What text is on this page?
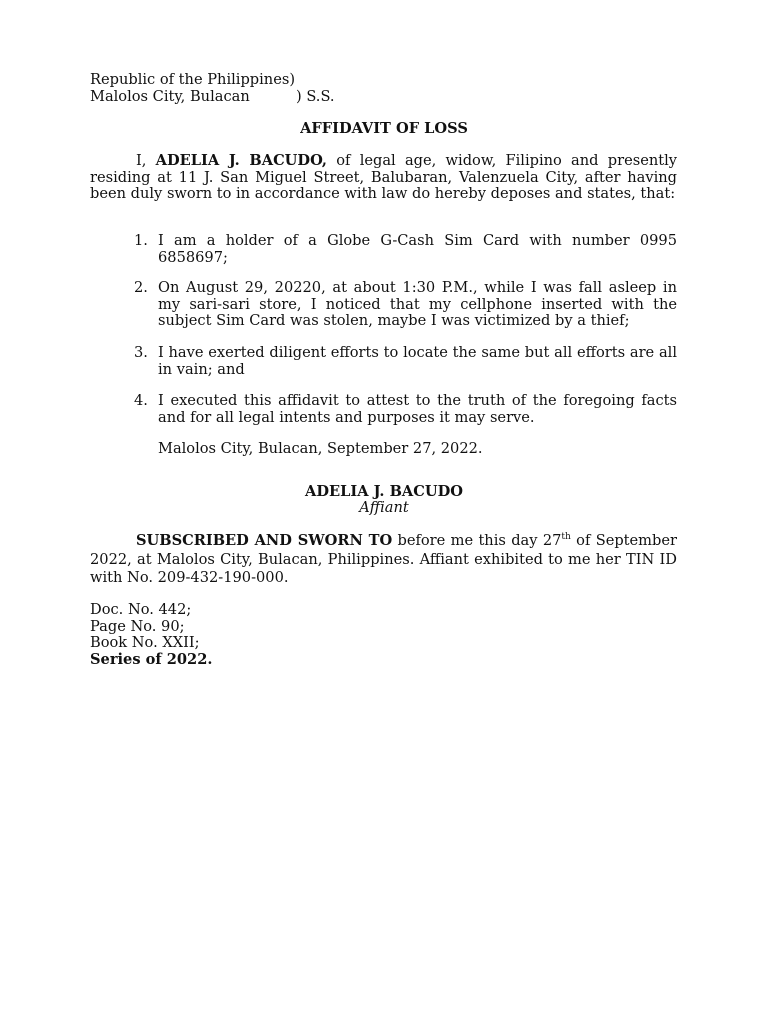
Republic of the Philippines)
Malolos City, Bulacan	) S.S.
AFFIDAVIT OF LOSS
I, ADELIA J. BACUDO, of legal age, widow, Filipino and presently residing at 11 J. San Miguel Street, Balubaran, Valenzuela City, after having been duly sworn to in accordance with law do hereby deposes and states, that:
1. I am a holder of a Globe G-Cash Sim Card with number 0995 6858697;
2. On August 29, 20220, at about 1:30 P.M., while I was fall asleep in my sari-sari store, I noticed that my cellphone inserted with the subject Sim Card was stolen, maybe I was victimized by a thief;
3. I have exerted diligent efforts to locate the same but all efforts are all in vain; and
4. I executed this affidavit to attest to the truth of the foregoing facts and for all legal intents and purposes it may serve.
Malolos City, Bulacan, September 27, 2022.
ADELIA J. BACUDO
Affiant
SUBSCRIBED AND SWORN TO before me this day 27th of September 2022, at Malolos City, Bulacan, Philippines. Affiant exhibited to me her TIN ID with No. 209-432-190-000.
Doc. No. 442;
Page No. 90;
Book No. XXII;
Series of 2022.
